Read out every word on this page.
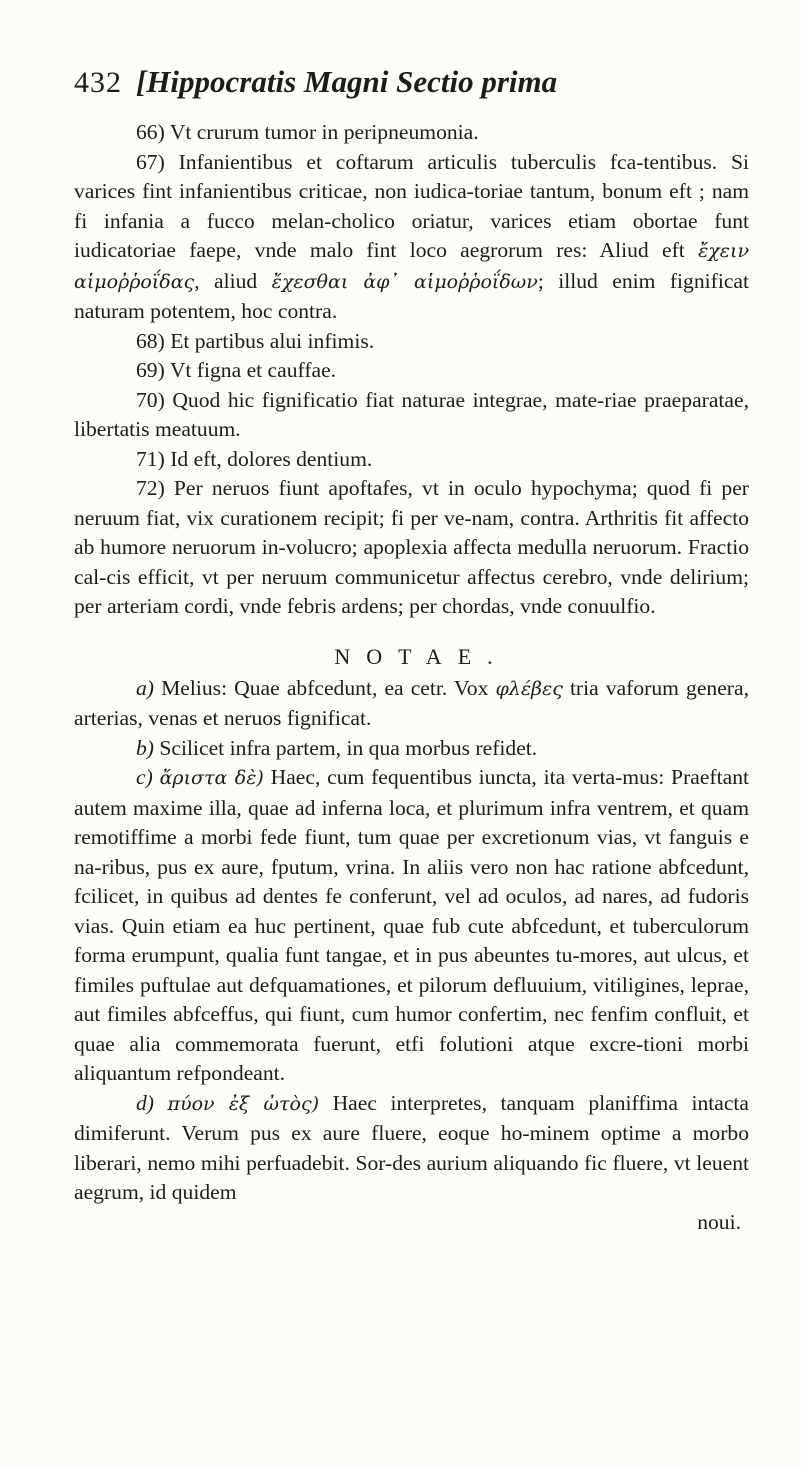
432 [Hippocratis Magni Sectio prima

66) Vt crurum tumor in peripneumonia.

67) Infanientibus et coftarum articulis tuberculis fca-tentibus. Si varices fint infanientibus criticae, non iudica-toriae tantum, bonum eft ; nam fi infania a fucco melan-cholico oriatur, varices etiam obortae funt iudicatoriae faepe, vnde malo fint loco aegrorum res: Aliud eft ἔχειν αἱμοῤῥοΐδας, aliud ἔχεσθαι ἀφ᾽ αἱμοῤῥοΐδων; illud enim fignificat naturam potentem, hoc contra.

68) Et partibus alui infimis.

69) Vt figna et cauffae.

70) Quod hic fignificatio fiat naturae integrae, mate-riae praeparatae, libertatis meatuum.

71) Id eft, dolores dentium.

72) Per neruos fiunt apoftafes, vt in oculo hypochyma; quod fi per neruum fiat, vix curationem recipit; fi per ve-nam, contra. Arthritis fit affecto ab humore neruorum in-volucro; apoplexia affecta medulla neruorum. Fractio cal-cis efficit, vt per neruum communicetur affectus cerebro, vnde delirium; per arteriam cordi, vnde febris ardens; per chordas, vnde conuulfio.

NOTAE.

a) Melius: Quae abfcedunt, ea cetr. Vox φλέβες tria vaforum genera, arterias, venas et neruos fignificat.

b) Scilicet infra partem, in qua morbus refidet.

c) ἄριστα δὲ) Haec, cum fequentibus iuncta, ita verta-mus: Praeftant autem maxime illa, quae ad inferna loca, et plurimum infra ventrem, et quam remotiffime a morbi fede fiunt, tum quae per excretionum vias, vt fanguis e na-ribus, pus ex aure, fputum, vrina. In aliis vero non hac ratione abfcedunt, fcilicet, in quibus ad dentes fe conferunt, vel ad oculos, ad nares, ad fudoris vias. Quin etiam ea huc pertinent, quae fub cute abfcedunt, et tuberculorum forma erumpunt, qualia funt tangae, et in pus abeuntes tu-mores, aut ulcus, et fimiles puftulae aut defquamationes, et pilorum defluuium, vitiligines, leprae, aut fimiles abfceffus, qui fiunt, cum humor confertim, nec fenfim confluit, et quae alia commemorata fuerunt, etfi folutioni atque excre-tioni morbi aliquantum refpondeant.

d) πύον ἐξ ὠτὸς) Haec interpretes, tanquam planiffima intacta dimiferunt. Verum pus ex aure fluere, eoque ho-minem optime a morbo liberari, nemo mihi perfuadebit. Sor-des aurium aliquando fic fluere, vt leuent aegrum, id quidem

noui.
